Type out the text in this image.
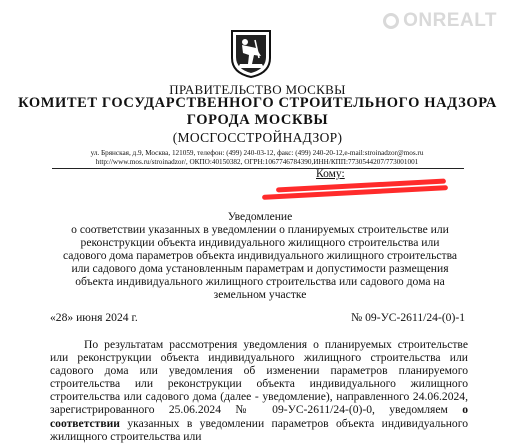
ONREALT
ПРАВИТЕЛЬСТВО МОСКВЫ
КОМИТЕТ ГОСУДАРСТВЕННОГО СТРОИТЕЛЬНОГО НАДЗОРА
ГОРОДА МОСКВЫ
(МОСГОССТРОЙНАДЗОР)
ул. Брянская, д.9, Москва, 121059, телефон: (499) 240-03-12, факс: (499) 240-20-12,e-mail:stroinadzor@mos.ru
http://www.mos.ru/stroinadzor/, ОКПО:40150382, ОГРН:1067746784390,ИНН/КПП:7730544207/773001001
Кому:
Уведомление
о соответствии указанных в уведомлении о планируемых строительстве или реконструкции объекта индивидуального жилищного строительства или садового дома параметров объекта индивидуального жилищного строительства или садового дома установленным параметрам и допустимости размещения объекта индивидуального жилищного строительства или садового дома на земельном участке
«28» июня 2024 г.	№ 09-УС-2611/24-(0)-1
По результатам рассмотрения уведомления о планируемых строительстве или реконструкции объекта индивидуального жилищного строительства или садового дома или уведомления об изменении параметров планируемого строительства или реконструкции объекта индивидуального жилищного строительства или садового дома (далее - уведомление), направленного 24.06.2024, зарегистрированного 25.06.2024 № 09-УС-2611/24-(0)-0, уведомляем о соответствии указанных в уведомлении параметров объекта индивидуального жилищного строительства или
